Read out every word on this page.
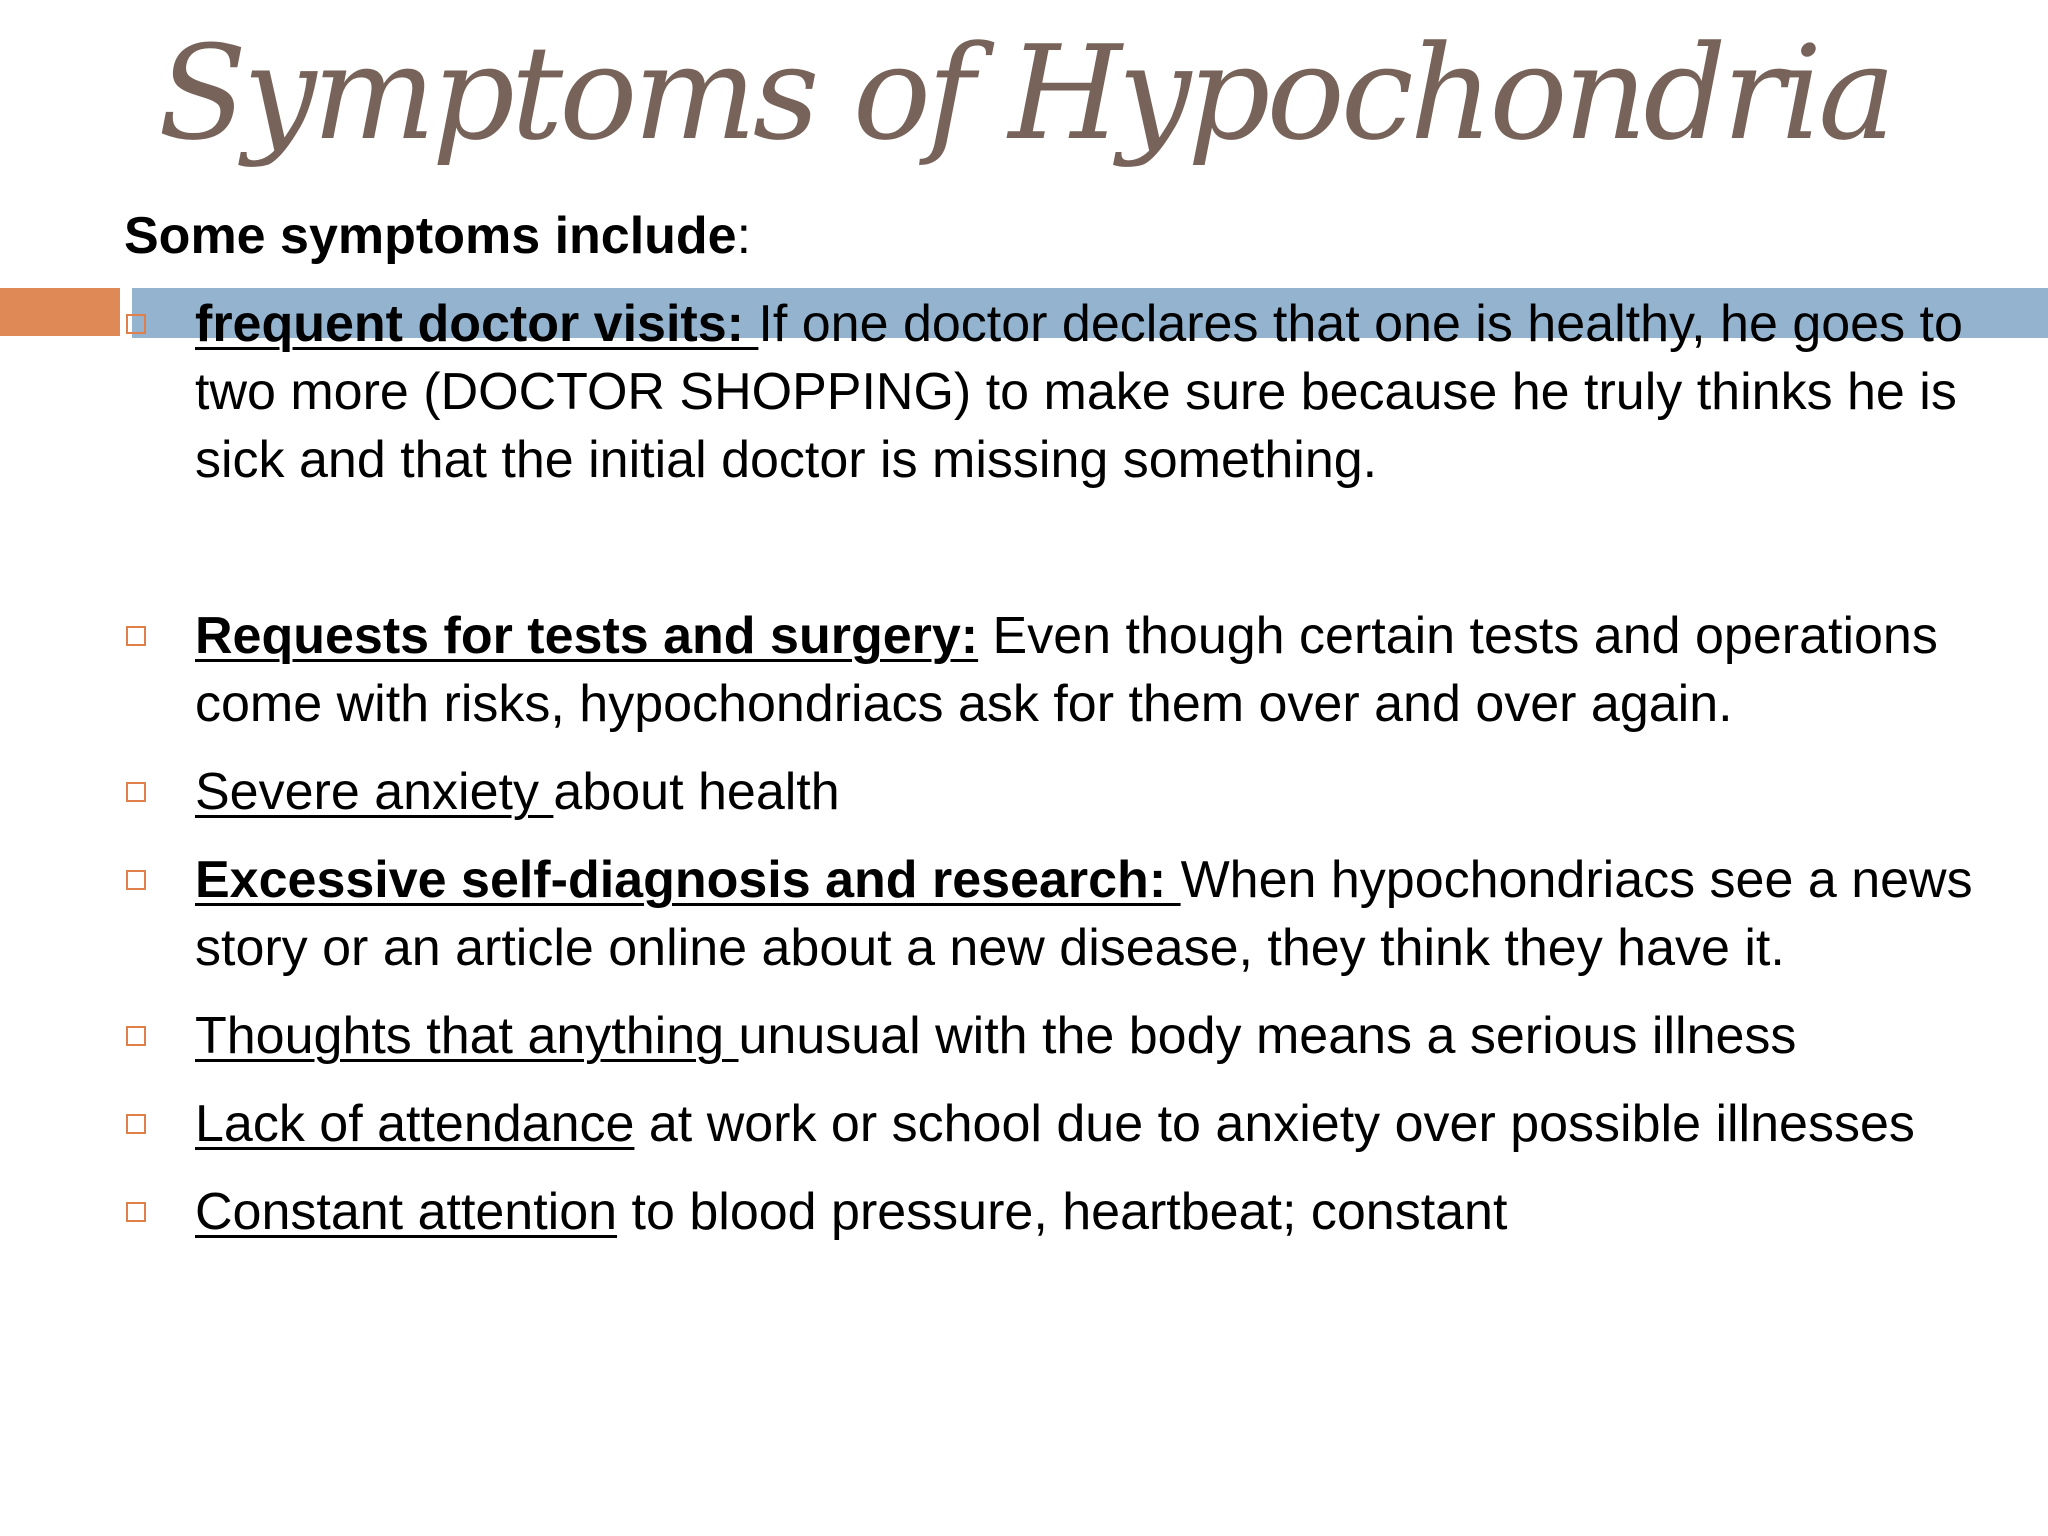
Symptoms of Hypochondria
Some symptoms include:
frequent doctor visits: If one doctor declares that one is healthy, he goes to two more (DOCTOR SHOPPING) to make sure because he truly thinks he is sick and that the initial doctor is missing something.
Requests for tests and surgery: Even though certain tests and operations come with risks, hypochondriacs ask for them over and over again.
Severe anxiety about health
Excessive self-diagnosis and research: When hypochondriacs see a news story or an article online about a new disease, they think they have it.
Thoughts that anything unusual with the body means a serious illness
Lack of attendance at work or school due to anxiety over possible illnesses
Constant attention to blood pressure, heartbeat; constant
